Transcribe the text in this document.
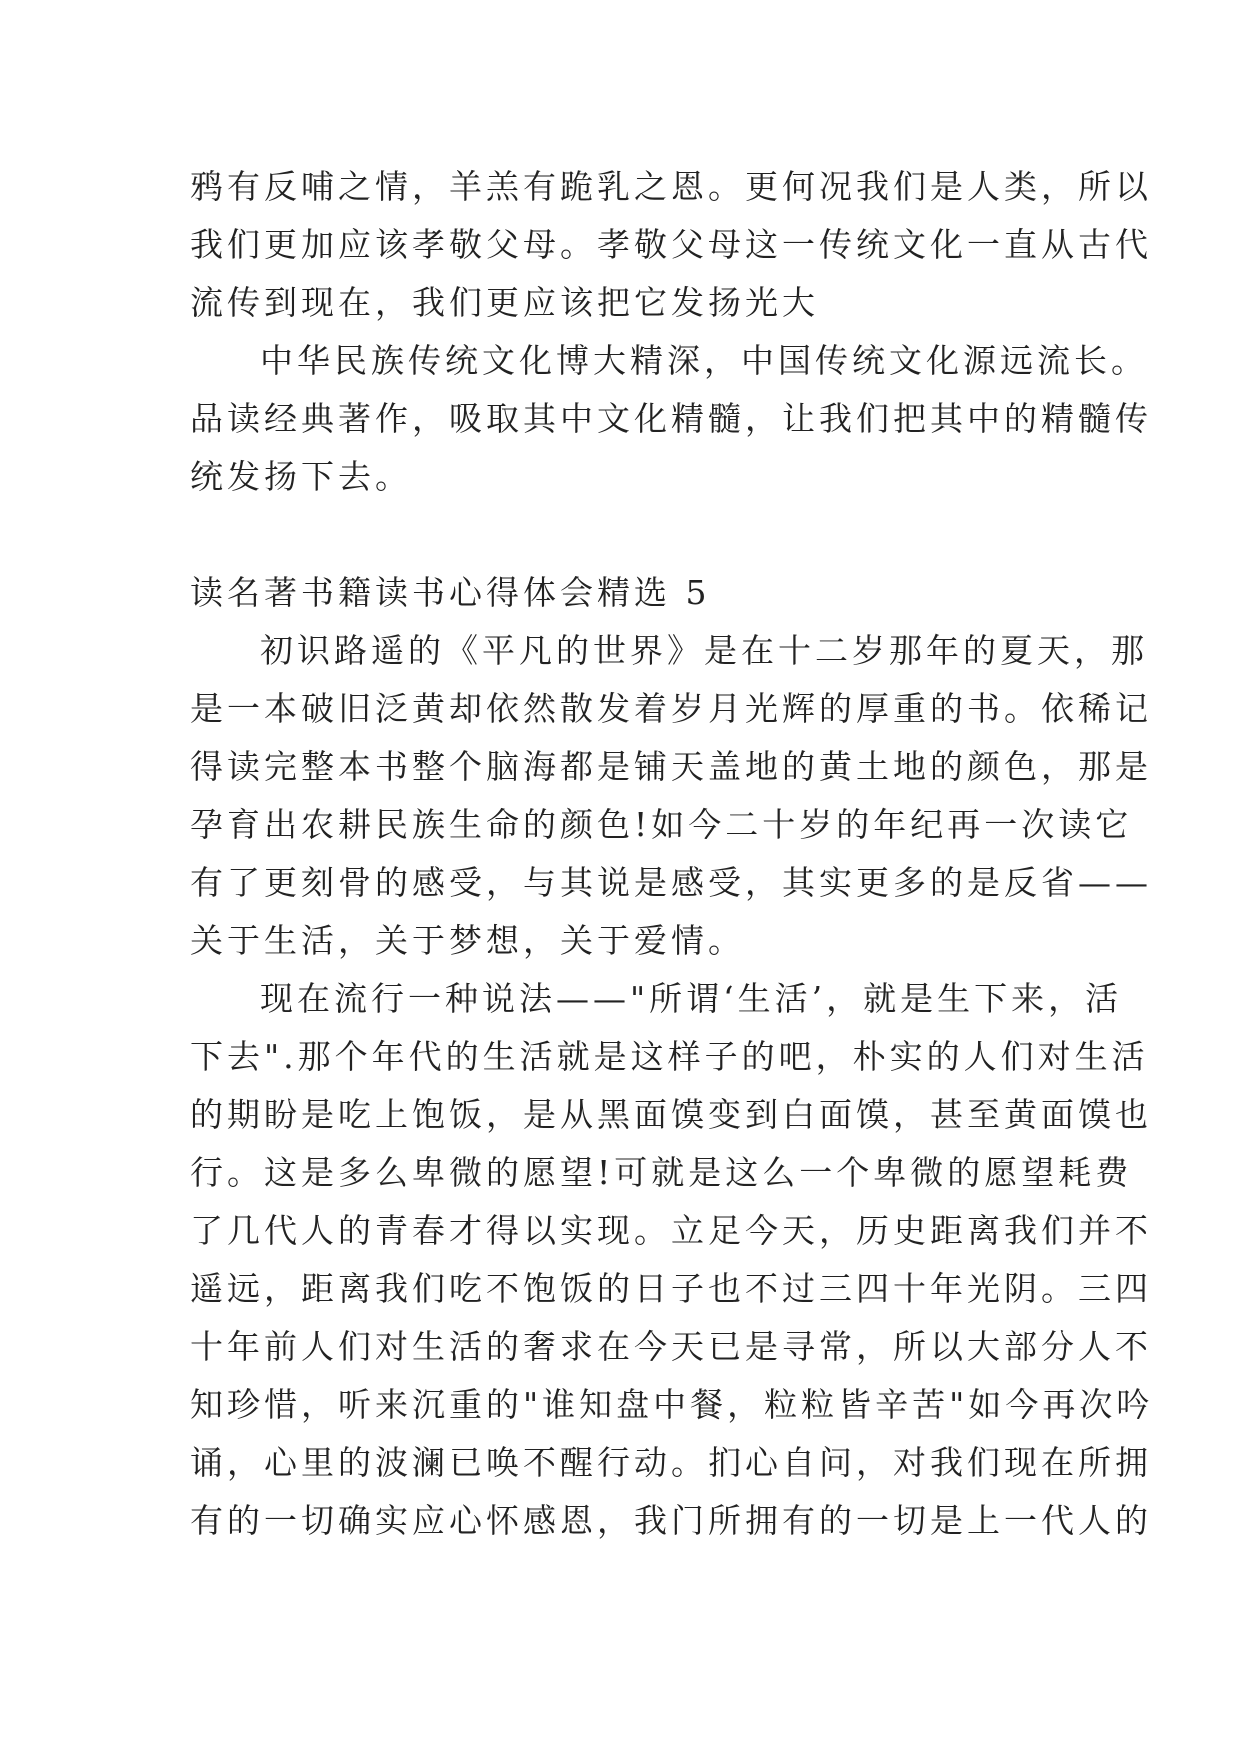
鸦有反哺之情，羊羔有跪乳之恩。更何况我们是人类，所以
我们更加应该孝敬父母。孝敬父母这一传统文化一直从古代
流传到现在，我们更应该把它发扬光大
中华民族传统文化博大精深，中国传统文化源远流长。
品读经典著作，吸取其中文化精髓，让我们把其中的精髓传
统发扬下去。
读名著书籍读书心得体会精选 5
初识路遥的《平凡的世界》是在十二岁那年的夏天，那
是一本破旧泛黄却依然散发着岁月光辉的厚重的书。依稀记
得读完整本书整个脑海都是铺天盖地的黄土地的颜色，那是
孕育出农耕民族生命的颜色!如今二十岁的年纪再一次读它
有了更刻骨的感受，与其说是感受，其实更多的是反省——
关于生活，关于梦想，关于爱情。
现在流行一种说法——"所谓‘生活’，就是生下来，活
下去".那个年代的生活就是这样子的吧，朴实的人们对生活
的期盼是吃上饱饭，是从黑面馍变到白面馍，甚至黄面馍也
行。这是多么卑微的愿望!可就是这么一个卑微的愿望耗费
了几代人的青春才得以实现。立足今天，历史距离我们并不
遥远，距离我们吃不饱饭的日子也不过三四十年光阴。三四
十年前人们对生活的奢求在今天已是寻常，所以大部分人不
知珍惜，听来沉重的"谁知盘中餐，粒粒皆辛苦"如今再次吟
诵，心里的波澜已唤不醒行动。扪心自问，对我们现在所拥
有的一切确实应心怀感恩，我门所拥有的一切是上一代人的
